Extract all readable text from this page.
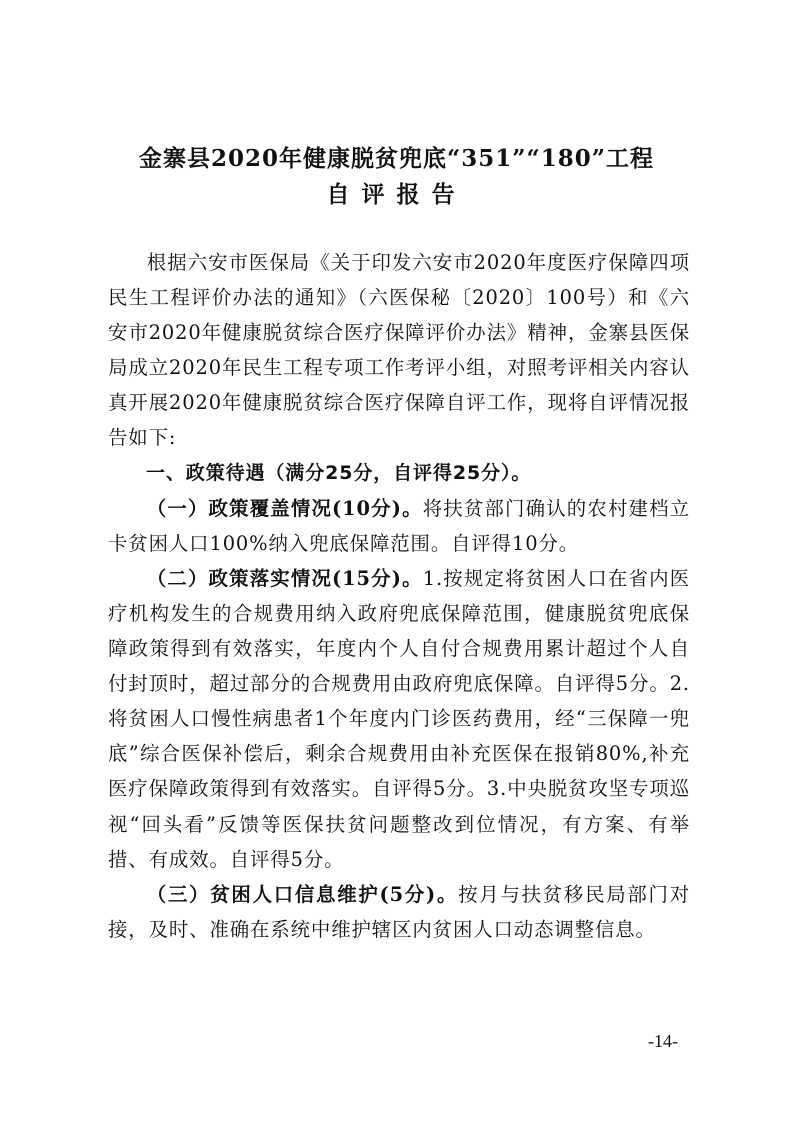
金寨县2020年健康脱贫兜底“351”“180”工程
自评报告

根据六安市医保局《关于印发六安市2020年度医疗保障四项民生工程评价办法的通知》（六医保秘〔2020〕100号）和《六安市2020年健康脱贫综合医疗保障评价办法》精神，金寨县医保局成立2020年民生工程专项工作考评小组，对照考评相关内容认真开展2020年健康脱贫综合医疗保障自评工作，现将自评情况报告如下:

一、政策待遇（满分25分，自评得25分）。

（一）政策覆盖情况(10分)。将扶贫部门确认的农村建档立卡贫困人口100%纳入兜底保障范围。自评得10分。

（二）政策落实情况(15分)。1.按规定将贫困人口在省内医疗机构发生的合规费用纳入政府兜底保障范围，健康脱贫兜底保障政策得到有效落实，年度内个人自付合规费用累计超过个人自付封顶时，超过部分的合规费用由政府兜底保障。自评得5分。2.将贫困人口慢性病患者1个年度内门诊医药费用，经“三保障一兜底”综合医保补偿后，剩余合规费用由补充医保在报销80%,补充医疗保障政策得到有效落实。自评得5分。3.中央脱贫攻坚专项巡视“回头看”反馈等医保扶贫问题整改到位情况，有方案、有举措、有成效。自评得5分。

（三）贫困人口信息维护(5分)。按月与扶贫移民局部门对接，及时、准确在系统中维护辖区内贫困人口动态调整信息。

-14-
